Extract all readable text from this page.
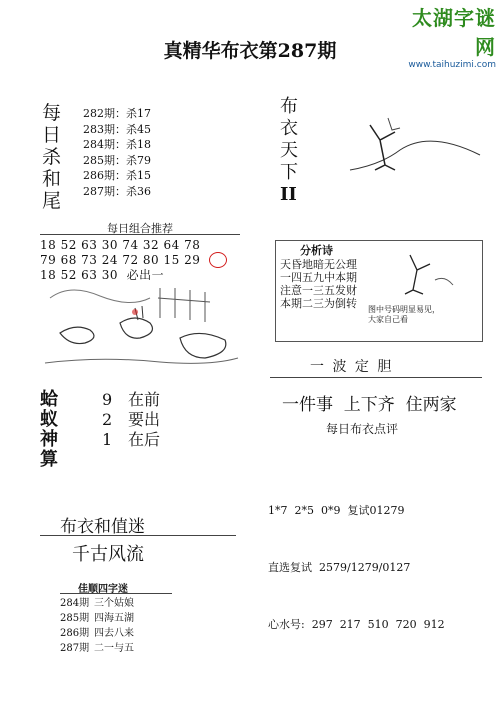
太湖字谜网
www.taihuzimi.com
真精华布衣第287期
每
日
杀
和
尾
282期：杀17
283期：杀45
284期：杀18
285期：杀79
286期：杀15
287期：杀36
布
衣
天
下
II
每日组合推荐
18 52 63 30 74 32 64 78
79 68 73 24 72 80 15 29
18 52 63 30  必出一
分析诗
天昏地暗无公理
一四五九中本期
注意一三五发财
本期二三为倒转 图中号码明显易见，
大家自己看
一 波 定 胆
一件事  上下齐  住两家
每日布衣点评

1*7  2*5  0*9  复试01279

直选复试  2579/1279/0127

心水号:  297  217  510  720  912

蛤
蚁
神
算
9 在前
2 要出
1 在后
布衣和值迷
千古风流
佳顺四字迷
284期 三个姑娘
285期 四海五湖
286期 四去八来
287期 二一与五
